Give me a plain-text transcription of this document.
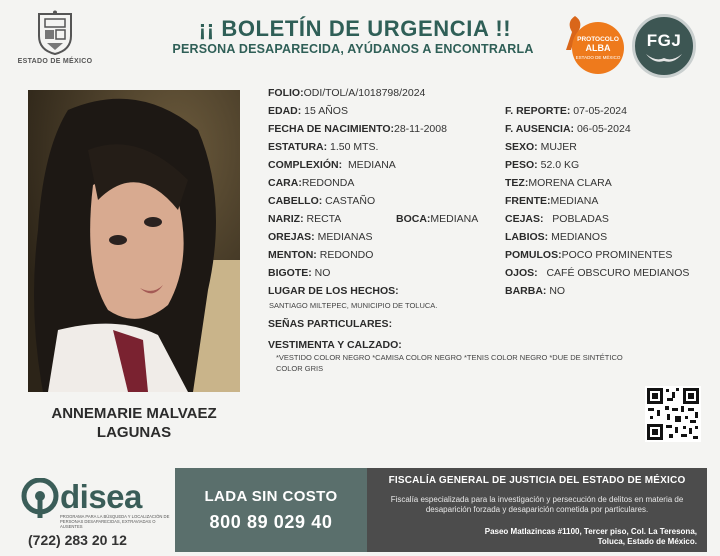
ESTADO DE MÉXICO
¡¡ BOLETÍN DE URGENCIA !!
PERSONA DESAPARECIDA, AYÚDANOS A ENCONTRARLA
PROTOCOLO
ALBA
ESTADO DE MÉXICO
FGJ
ANNEMARIE MALVAEZ
LAGUNAS
FOLIO:ODI/TOL/A/1018798/2024
EDAD: 15 AÑOS
FECHA DE NACIMIENTO:28-11-2008
ESTATURA: 1.50 MTS.
COMPLEXIÓN: MEDIANA
CARA:REDONDA
CABELLO: CASTAÑO
NARIZ: RECTA	BOCA:MEDIANA
OREJAS: MEDIANAS
MENTON: REDONDO
BIGOTE: NO
LUGAR DE LOS HECHOS:
SANTIAGO MILTEPEC, MUNICIPIO DE TOLUCA.
SEÑAS PARTICULARES:
VESTIMENTA Y CALZADO:
*VESTIDO COLOR NEGRO *CAMISA COLOR NEGRO *TENIS COLOR NEGRO *DUE DE SINTÉTICO
COLOR GRIS
F. REPORTE: 07-05-2024
F. AUSENCIA: 06-05-2024
SEXO: MUJER
PESO: 52.0 KG
TEZ:MORENA CLARA
FRENTE:MEDIANA
CEJAS: POBLADAS
LABIOS: MEDIANOS
POMULOS:POCO PROMINENTES
OJOS: CAFÉ OBSCURO MEDIANOS
BARBA: NO
disea
PROGRAMA PARA LA BÚSQUEDA Y LOCALIZACIÓN DE PERSONAS DESAPARECIDAS, EXTRAVIADAS O AUSENTES
(722) 283 20 12
LADA SIN COSTO
800 89 029 40
FISCALÍA GENERAL DE JUSTICIA DEL ESTADO DE MÉXICO
Fiscalía especializada para la investigación y persecución de delitos en materia de desaparición forzada y desaparición cometida por particulares.
Paseo Matlazincas #1100, Tercer piso, Col. La Teresona,
Toluca, Estado de México.
